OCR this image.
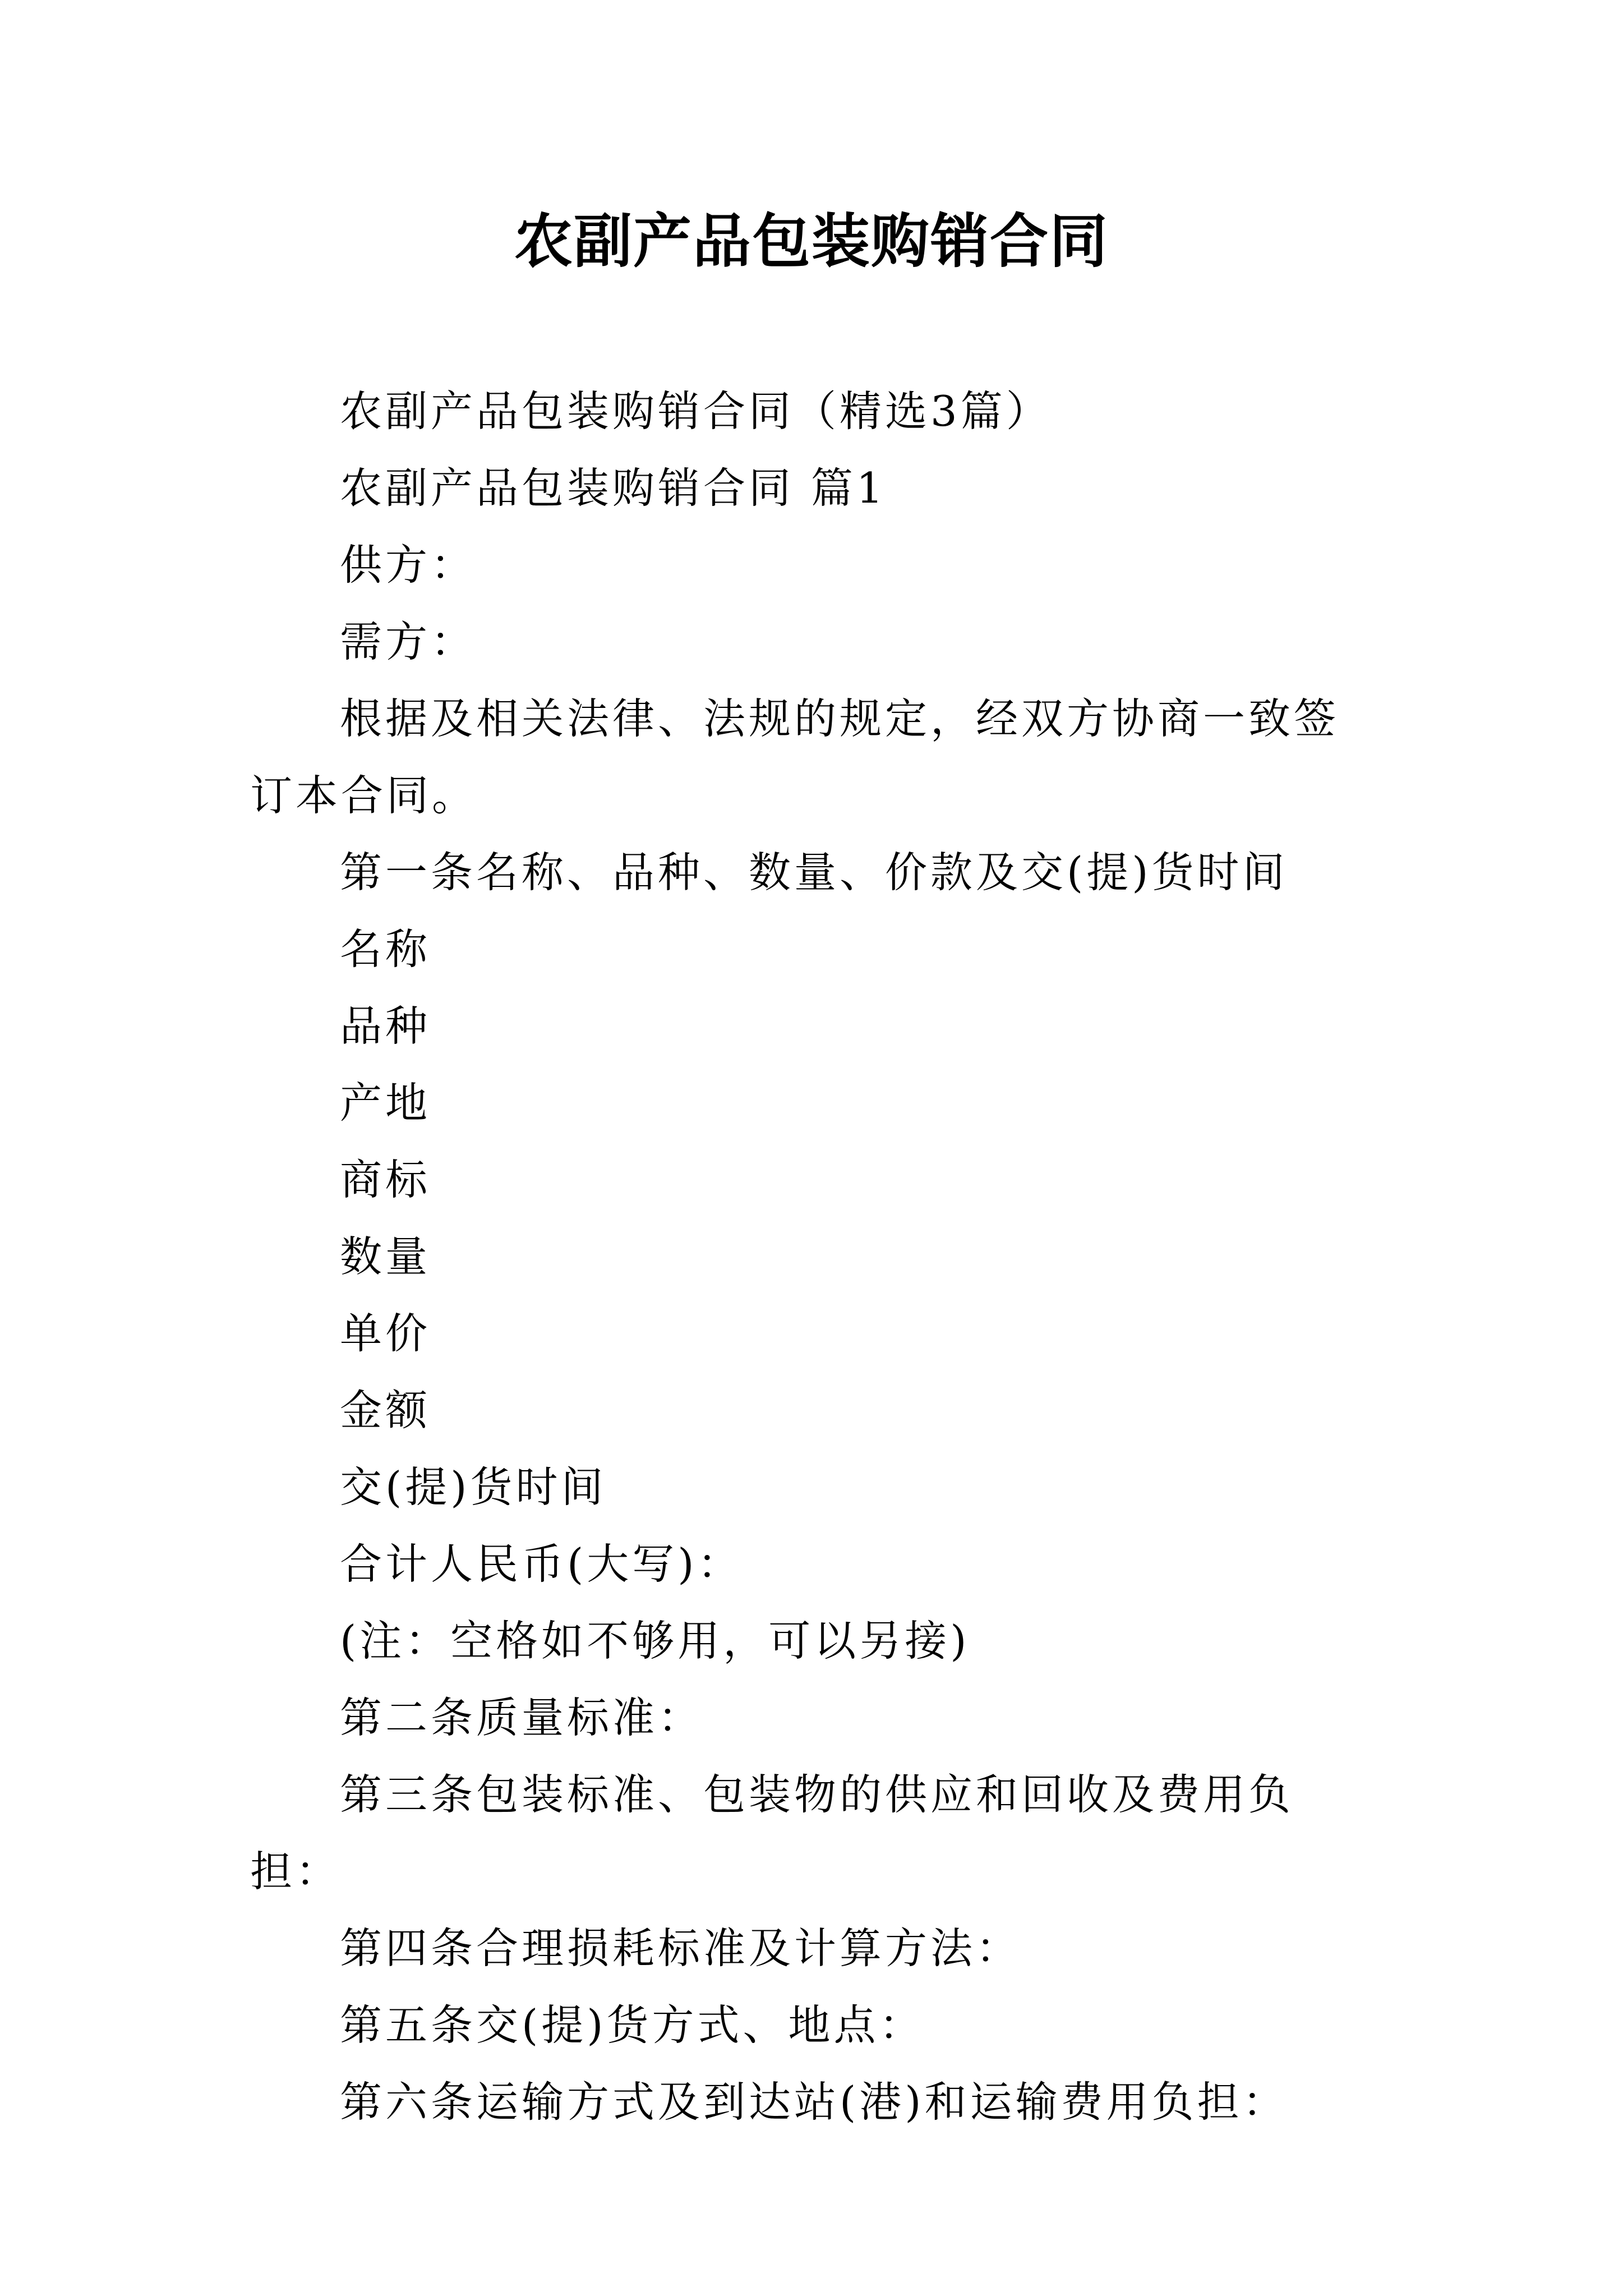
农副产品包装购销合同

农副产品包装购销合同（精选3篇）

农副产品包装购销合同 篇1

供方：

需方：

根据及相关法律、法规的规定，经双方协商一致签订本合同。

第一条名称、品种、数量、价款及交(提)货时间

名称

品种

产地

商标

数量

单价

金额

交(提)货时间

合计人民币(大写)：

(注：空格如不够用，可以另接)

第二条质量标准：

第三条包装标准、包装物的供应和回收及费用负担：

第四条合理损耗标准及计算方法：

第五条交(提)货方式、地点：

第六条运输方式及到达站(港)和运输费用负担：
